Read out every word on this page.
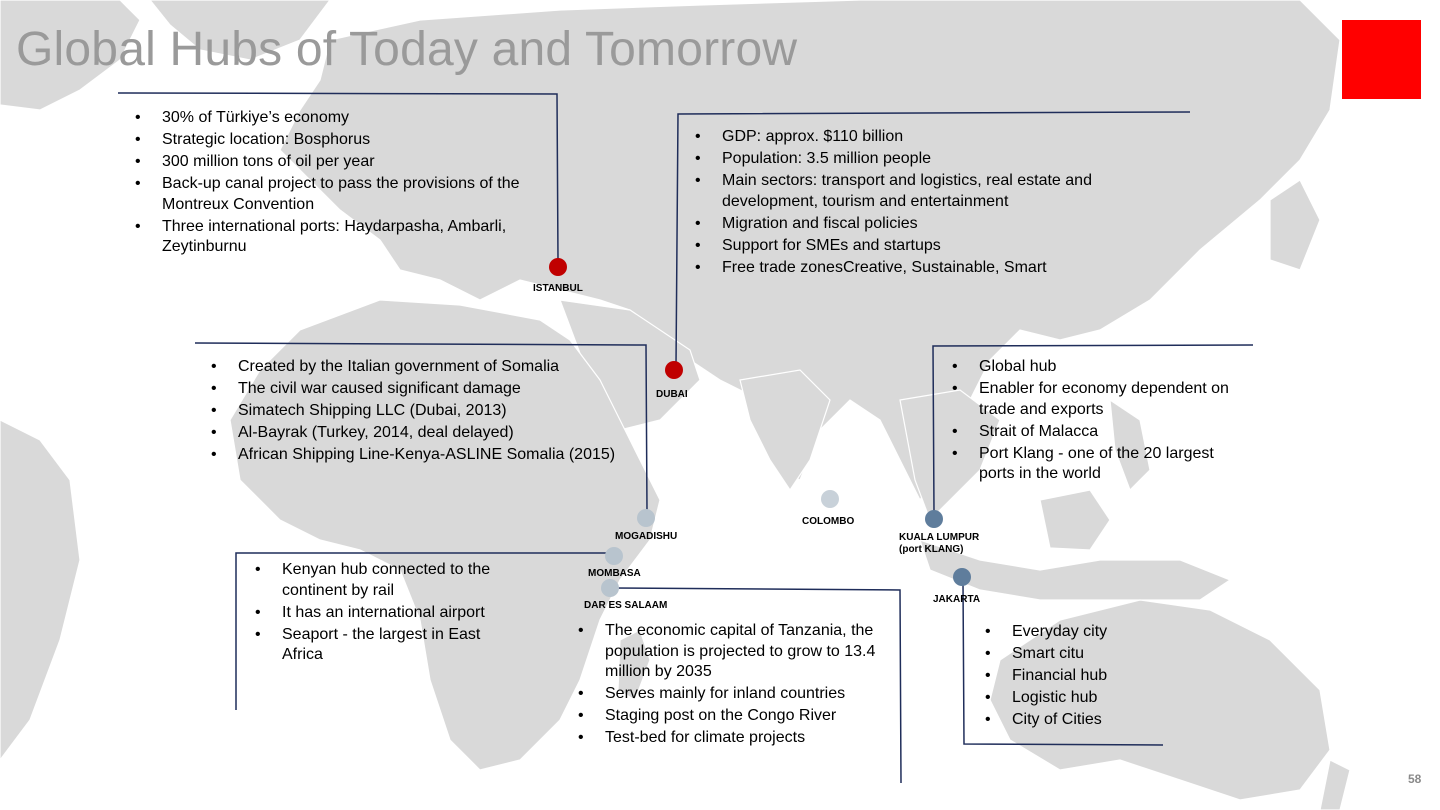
Global Hubs of Today and Tomorrow
58
ISTANBUL
DUBAI
MOGADISHU
COLOMBO
KUALA LUMPUR
(port KLANG)
MOMBASA
DAR ES SALAAM
JAKARTA
• 30% of Türkiye’s economy
• Strategic location: Bosphorus
• 300 million tons of oil per year
• Back-up canal project to pass the provisions of the Montreux Convention
• Three international ports: Haydarpasha, Ambarli, Zeytinburnu
• GDP: approx. $110 billion
• Population: 3.5 million people
• Main sectors: transport and logistics, real estate and development, tourism and entertainment
• Migration and fiscal policies
• Support for SMEs and startups
• Free trade zonesCreative, Sustainable, Smart
• Created by the Italian government of Somalia
• The civil war caused significant damage
• Simatech Shipping LLC (Dubai, 2013)
• Al-Bayrak (Turkey, 2014, deal delayed)
• African Shipping Line-Kenya-ASLINE Somalia (2015)
• Global hub
• Enabler for economy dependent on trade and exports
• Strait of Malacca
• Port Klang - one of the 20 largest ports in the world
• Kenyan hub connected to the continent by rail
• It has an international airport
• Seaport - the largest in East Africa
• The economic capital of Tanzania, the population is projected to grow to 13.4 million by 2035
• Serves mainly for inland countries
• Staging post on the Congo River
• Test-bed for climate projects
• Everyday city
• Smart citu
• Financial hub
• Logistic hub
• City of Cities
